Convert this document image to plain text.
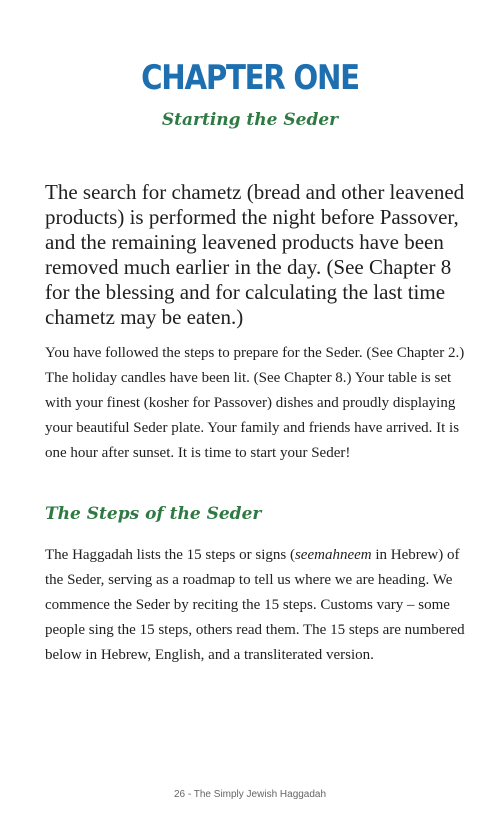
CHAPTER ONE
Starting the Seder

The search for chametz (bread and other leavened products) is performed the night before Passover, and the remaining leavened products have been removed much earlier in the day. (See Chapter 8 for the blessing and for calculating the last time chametz may be eaten.)

You have followed the steps to prepare for the Seder. (See Chapter 2.) The holiday candles have been lit. (See Chapter 8.) Your table is set with your finest (kosher for Passover) dishes and proudly displaying your beautiful Seder plate. Your family and friends have arrived. It is one hour after sunset. It is time to start your Seder!

The Steps of the Seder

The Haggadah lists the 15 steps or signs (seemahneem in Hebrew) of the Seder, serving as a roadmap to tell us where we are heading. We commence the Seder by reciting the 15 steps. Customs vary – some people sing the 15 steps, others read them. The 15 steps are numbered below in Hebrew, English, and a transliterated version.

26 - The Simply Jewish Haggadah
